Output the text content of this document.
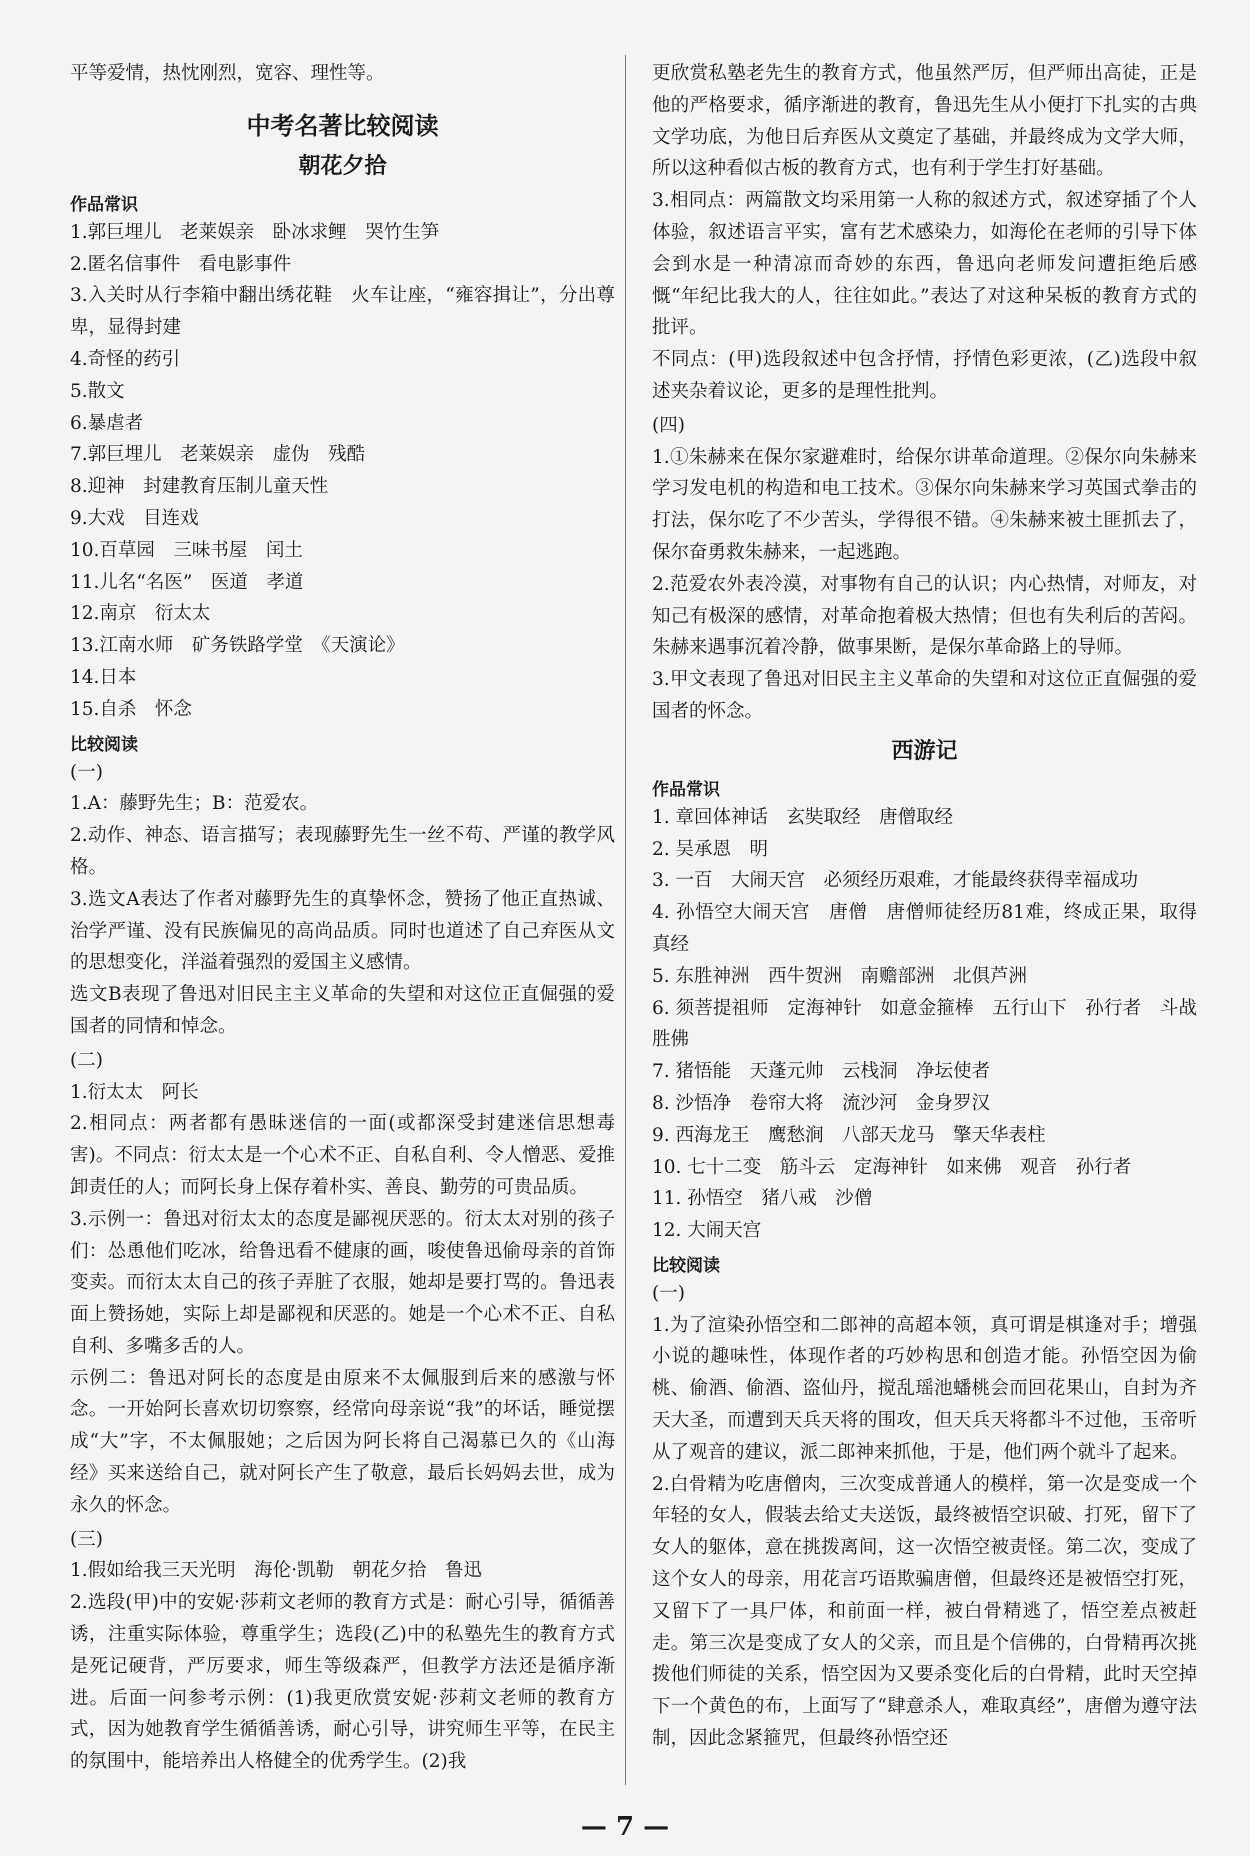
平等爱情，热忱刚烈，宽容、理性等。

中考名著比较阅读
朝花夕拾
作品常识

1.郭巨埋儿　老莱娱亲　卧冰求鲤　哭竹生笋

2.匿名信事件　看电影事件

3.入关时从行李箱中翻出绣花鞋　火车让座，“雍容揖让”，分出尊卑，显得封建

4.奇怪的药引

5.散文

6.暴虐者

7.郭巨埋儿　老莱娱亲　虚伪　残酷

8.迎神　封建教育压制儿童天性

9.大戏　目连戏

10.百草园　三味书屋　闰土

11.儿名“名医”　医道　孝道

12.南京　衍太太

13.江南水师　矿务铁路学堂　《天演论》

14.日本

15.自杀　怀念

比较阅读
(一)

1.A：藤野先生；B：范爱农。

2.动作、神态、语言描写；表现藤野先生一丝不苟、严谨的教学风格。

3.选文A表达了作者对藤野先生的真挚怀念，赞扬了他正直热诚、治学严谨、没有民族偏见的高尚品质。同时也道述了自己弃医从文的思想变化，洋溢着强烈的爱国主义感情。

选文B表现了鲁迅对旧民主主义革命的失望和对这位正直倔强的爱国者的同情和悼念。

(二)

1.衍太太　阿长

2.相同点：两者都有愚昧迷信的一面(或都深受封建迷信思想毒害)。不同点：衍太太是一个心术不正、自私自利、令人憎恶、爱推卸责任的人；而阿长身上保存着朴实、善良、勤劳的可贵品质。

3.示例一：鲁迅对衍太太的态度是鄙视厌恶的。衍太太对别的孩子们：怂恿他们吃冰，给鲁迅看不健康的画，唆使鲁迅偷母亲的首饰变卖。而衍太太自己的孩子弄脏了衣服，她却是要打骂的。鲁迅表面上赞扬她，实际上却是鄙视和厌恶的。她是一个心术不正、自私自利、多嘴多舌的人。

示例二：鲁迅对阿长的态度是由原来不太佩服到后来的感激与怀念。一开始阿长喜欢切切察察，经常向母亲说“我”的坏话，睡觉摆成“大”字，不太佩服她；之后因为阿长将自己渴慕已久的《山海经》买来送给自己，就对阿长产生了敬意，最后长妈妈去世，成为永久的怀念。

(三)

1.假如给我三天光明　海伦·凯勒　朝花夕拾　鲁迅

2.选段(甲)中的安妮·莎莉文老师的教育方式是：耐心引导，循循善诱，注重实际体验，尊重学生；选段(乙)中的私塾先生的教育方式是死记硬背，严厉要求，师生等级森严，但教学方法还是循序渐进。后面一问参考示例：(1)我更欣赏安妮·莎莉文老师的教育方式，因为她教育学生循循善诱，耐心引导，讲究师生平等，在民主的氛围中，能培养出人格健全的优秀学生。(2)我

更欣赏私塾老先生的教育方式，他虽然严厉，但严师出高徒，正是他的严格要求，循序渐进的教育，鲁迅先生从小便打下扎实的古典文学功底，为他日后弃医从文奠定了基础，并最终成为文学大师，所以这种看似古板的教育方式，也有利于学生打好基础。

3.相同点：两篇散文均采用第一人称的叙述方式，叙述穿插了个人体验，叙述语言平实，富有艺术感染力，如海伦在老师的引导下体会到水是一种清凉而奇妙的东西，鲁迅向老师发问遭拒绝后感慨“年纪比我大的人，往往如此。”表达了对这种呆板的教育方式的批评。

不同点：(甲)选段叙述中包含抒情，抒情色彩更浓，(乙)选段中叙述夹杂着议论，更多的是理性批判。

(四)

1.①朱赫来在保尔家避难时，给保尔讲革命道理。②保尔向朱赫来学习发电机的构造和电工技术。③保尔向朱赫来学习英国式拳击的打法，保尔吃了不少苦头，学得很不错。④朱赫来被土匪抓去了，保尔奋勇救朱赫来，一起逃跑。

2.范爱农外表冷漠，对事物有自己的认识；内心热情，对师友，对知己有极深的感情，对革命抱着极大热情；但也有失利后的苦闷。朱赫来遇事沉着冷静，做事果断，是保尔革命路上的导师。

3.甲文表现了鲁迅对旧民主主义革命的失望和对这位正直倔强的爱国者的怀念。

西游记
作品常识

1. 章回体神话　玄奘取经　唐僧取经

2. 吴承恩　明

3. 一百　大闹天宫　必须经历艰难，才能最终获得幸福成功

4. 孙悟空大闹天宫　唐僧　唐僧师徒经历81难，终成正果，取得真经

5. 东胜神洲　西牛贺洲　南赡部洲　北俱芦洲

6. 须菩提祖师　定海神针　如意金箍棒　五行山下　孙行者　斗战胜佛

7. 猪悟能　天蓬元帅　云栈洞　净坛使者

8. 沙悟净　卷帘大将　流沙河　金身罗汉

9. 西海龙王　鹰愁涧　八部天龙马　擎天华表柱

10. 七十二变　筋斗云　定海神针　如来佛　观音　孙行者

11. 孙悟空　猪八戒　沙僧

12. 大闹天宫

比较阅读
(一)

1.为了渲染孙悟空和二郎神的高超本领，真可谓是棋逢对手；增强小说的趣味性，体现作者的巧妙构思和创造才能。孙悟空因为偷桃、偷酒、偷酒、盗仙丹，搅乱瑶池蟠桃会而回花果山，自封为齐天大圣，而遭到天兵天将的围攻，但天兵天将都斗不过他，玉帝听从了观音的建议，派二郎神来抓他，于是，他们两个就斗了起来。

2.白骨精为吃唐僧肉，三次变成普通人的模样，第一次是变成一个年轻的女人，假装去给丈夫送饭，最终被悟空识破、打死，留下了女人的躯体，意在挑拨离间，这一次悟空被责怪。第二次，变成了这个女人的母亲，用花言巧语欺骗唐僧，但最终还是被悟空打死，又留下了一具尸体，和前面一样，被白骨精逃了，悟空差点被赶走。第三次是变成了女人的父亲，而且是个信佛的，白骨精再次挑拨他们师徒的关系，悟空因为又要杀变化后的白骨精，此时天空掉下一个黄色的布，上面写了“肆意杀人，难取真经”，唐僧为遵守法制，因此念紧箍咒，但最终孙悟空还

— 7 —
